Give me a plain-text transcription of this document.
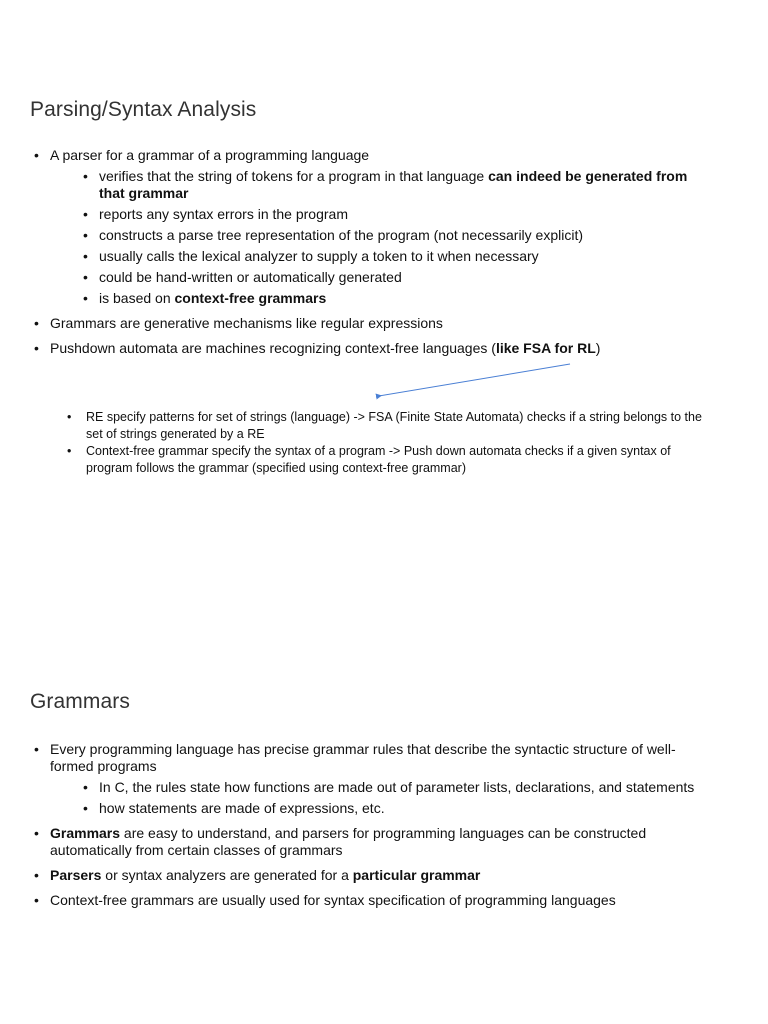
Parsing/Syntax Analysis
• A parser for a grammar of a programming language
• verifies that the string of tokens for a program in that language can indeed be generated from that grammar
• reports any syntax errors in the program
• constructs a parse tree representation of the program (not necessarily explicit)
• usually calls the lexical analyzer to supply a token to it when necessary
• could be hand-written or automatically generated
• is based on context-free grammars
• Grammars are generative mechanisms like regular expressions
• Pushdown automata are machines recognizing context-free languages (like FSA for RL)
• RE specify patterns for set of strings (language) -> FSA (Finite State Automata) checks if a string belongs to the set of strings generated by a RE
• Context-free grammar specify the syntax of a program -> Push down automata checks if a given syntax of program follows the grammar (specified using context-free grammar)
Grammars
• Every programming language has precise grammar rules that describe the syntactic structure of well-formed programs
• In C, the rules state how functions are made out of parameter lists, declarations, and statements
• how statements are made of expressions, etc.
• Grammars are easy to understand, and parsers for programming languages can be constructed automatically from certain classes of grammars
• Parsers or syntax analyzers are generated for a particular grammar
• Context-free grammars are usually used for syntax specification of programming languages
